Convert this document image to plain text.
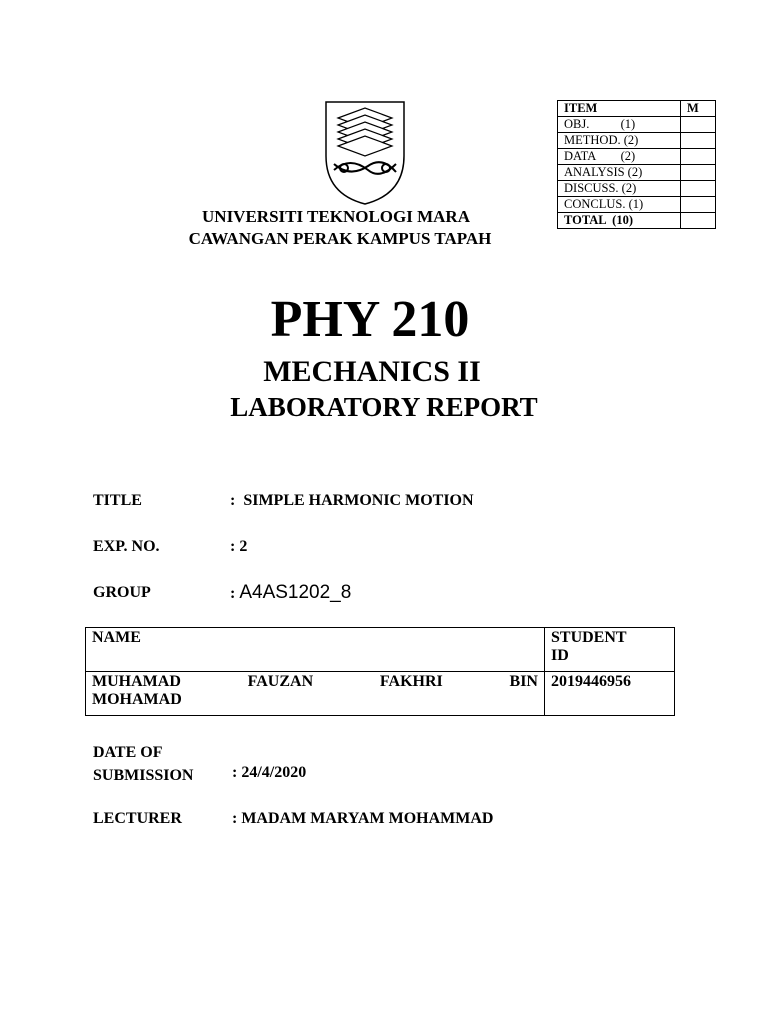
UNIVERSITI TEKNOLOGI MARA
CAWANGAN PERAK KAMPUS TAPAH
ITEM	M
OBJ.          (1)	
METHOD. (2)	
DATA        (2)	
ANALYSIS (2)	
DISCUSS. (2)	
CONCLUS. (1)	
TOTAL  (10)	
PHY 210
MECHANICS II
LABORATORY REPORT
TITLE	:  SIMPLE HARMONIC MOTION
EXP. NO.	: 2
GROUP	: A4AS1202_8
NAME	STUDENT
ID

MUHAMAD FAUZAN FAKHRI BIN
MOHAMAD	2019446956
DATE OF
SUBMISSION : 24/4/2020
LECTURER	: MADAM MARYAM MOHAMMAD
